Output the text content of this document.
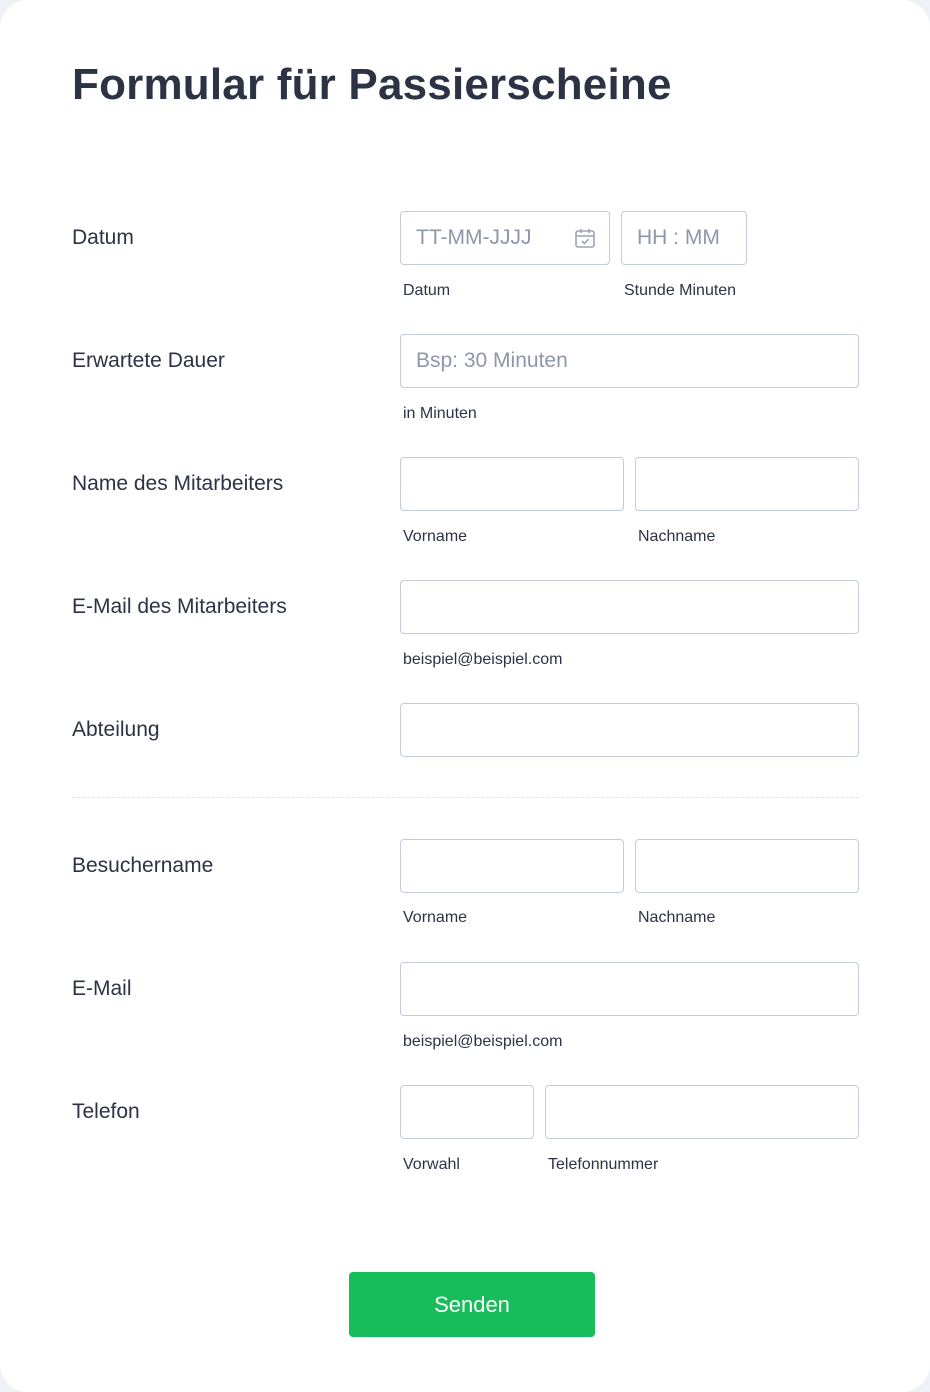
Formular für Passierscheine
Datum
TT-MM-JJJJ
HH : MM
Datum	Stunde Minuten
Erwartete Dauer
Bsp: 30 Minuten
in Minuten
Name des Mitarbeiters
Vorname	Nachname
E-Mail des Mitarbeiters
beispiel@beispiel.com
Abteilung
Besuchername
Vorname	Nachname
E-Mail
beispiel@beispiel.com
Telefon
Vorwahl	Telefonnummer
Senden
